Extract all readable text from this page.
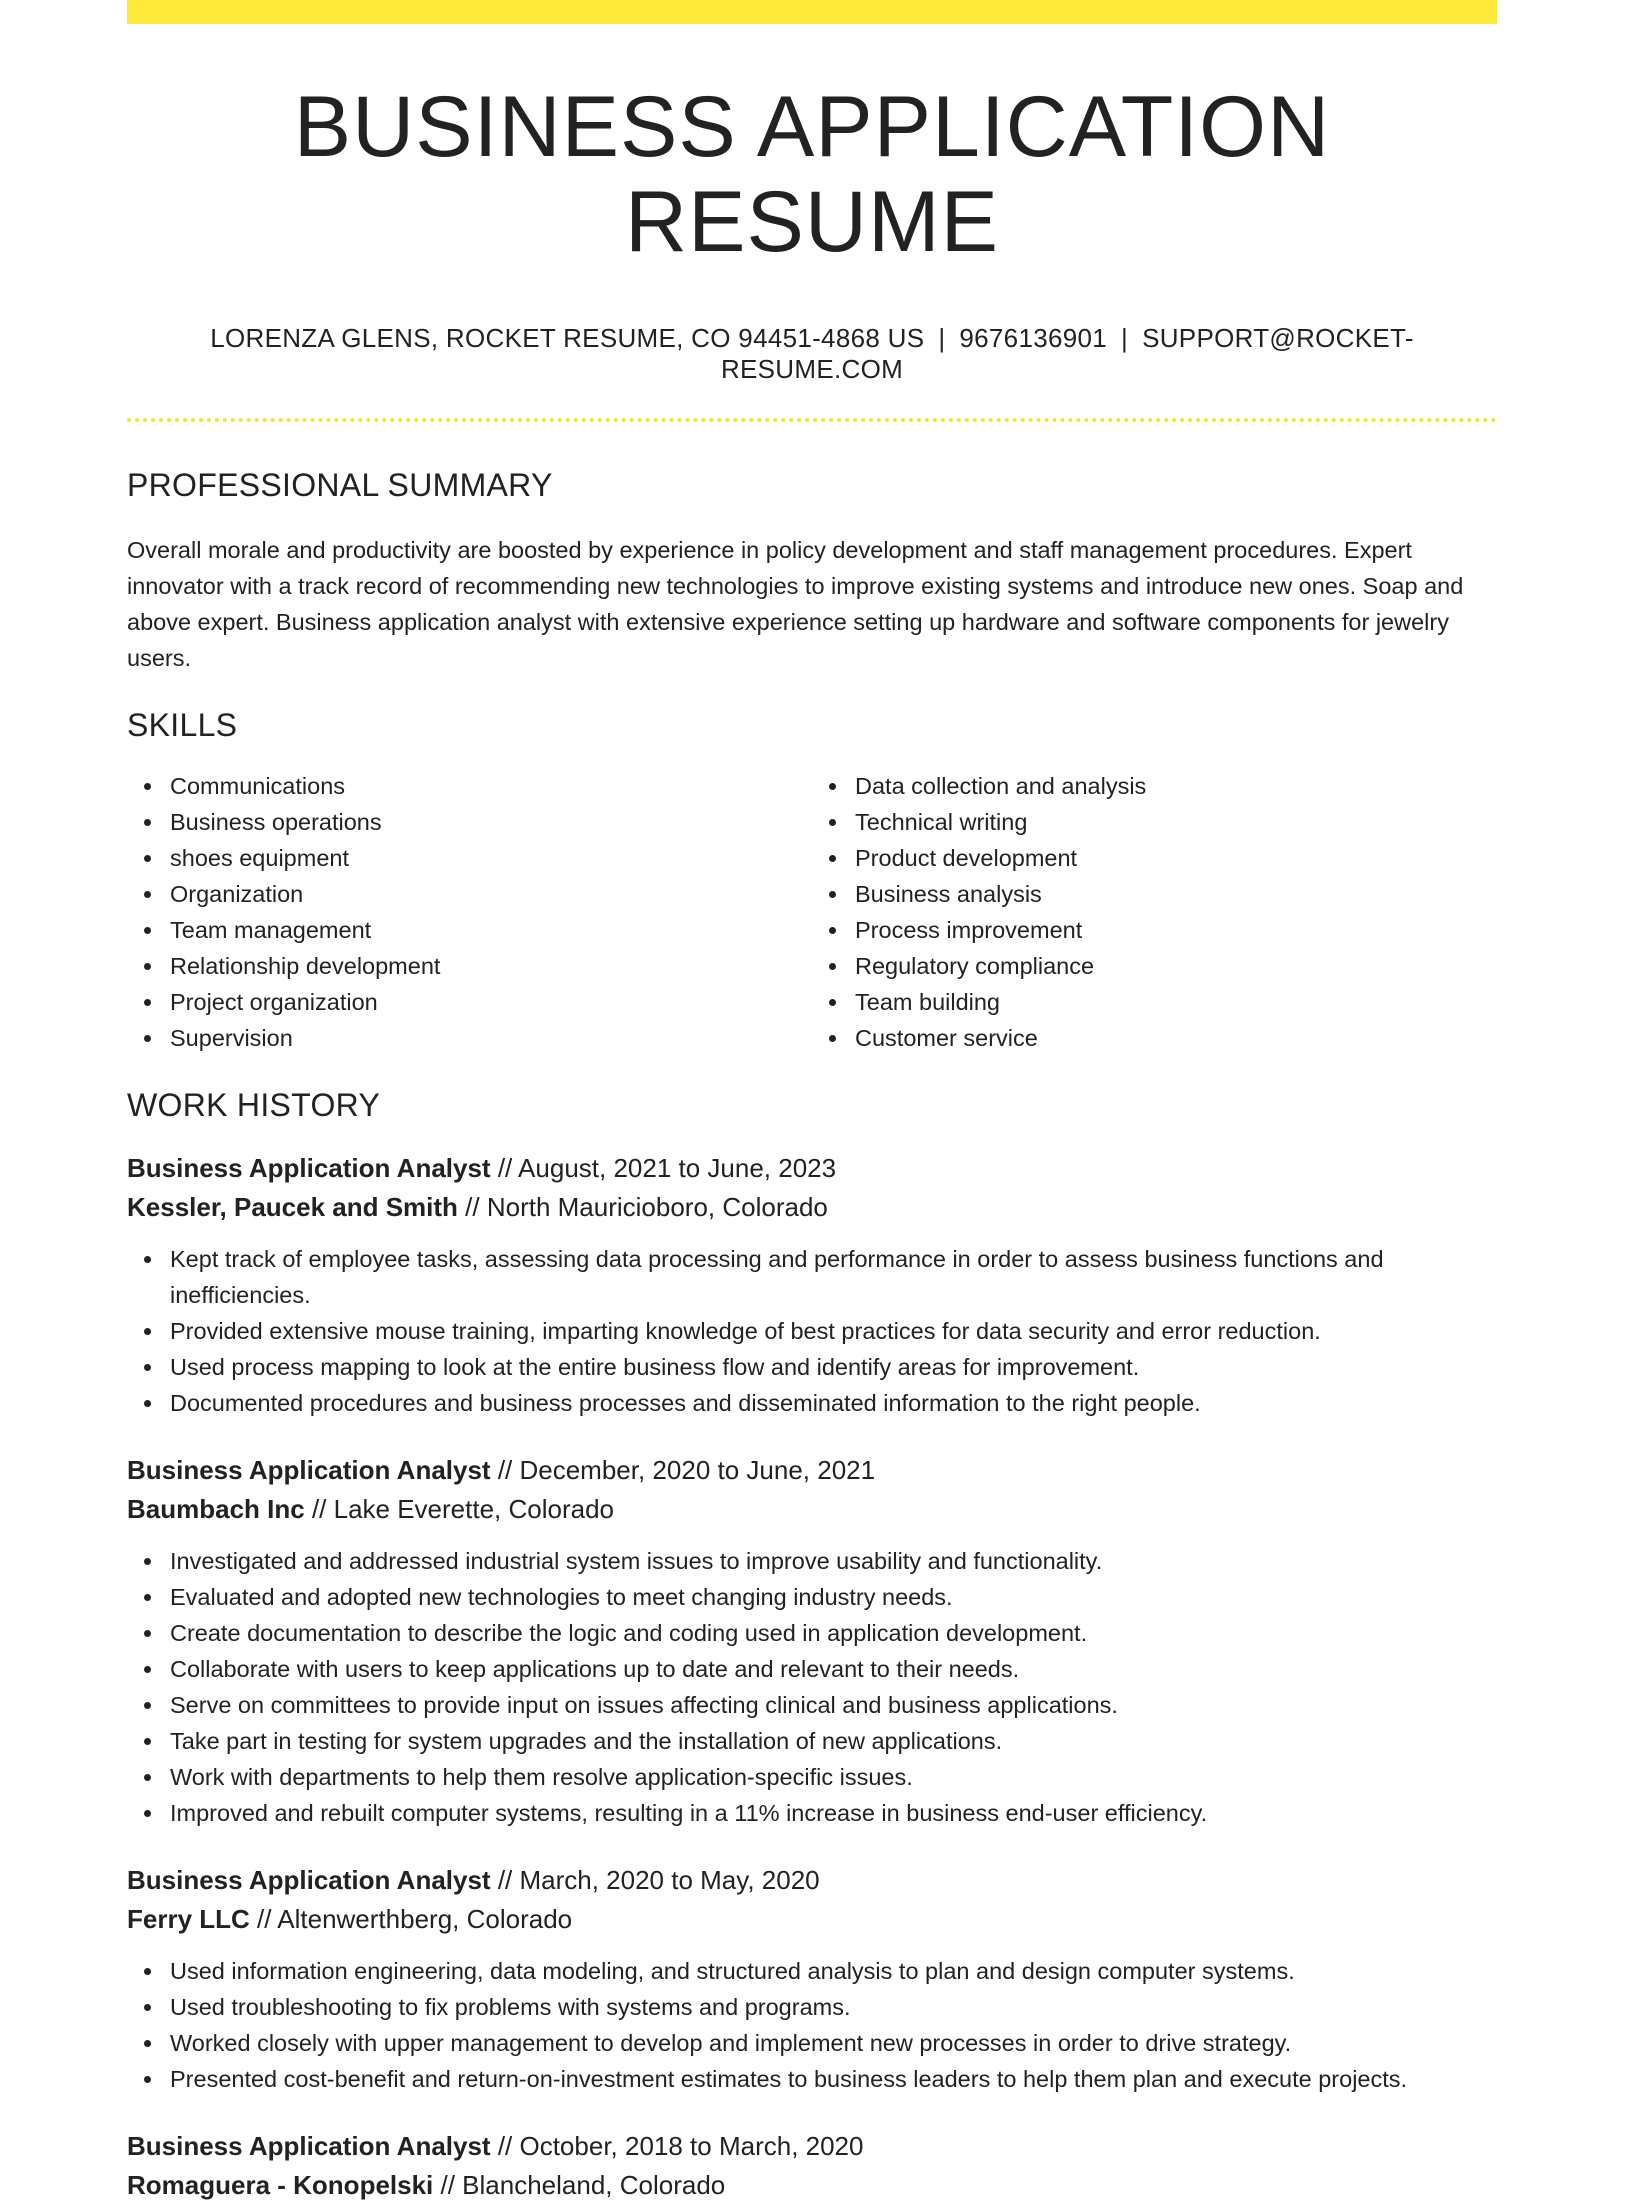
BUSINESS APPLICATION RESUME
LORENZA GLENS, ROCKET RESUME, CO 94451-4868 US | 9676136901 | SUPPORT@ROCKET-RESUME.COM
PROFESSIONAL SUMMARY

Overall morale and productivity are boosted by experience in policy development and staff management procedures. Expert innovator with a track record of recommending new technologies to improve existing systems and introduce new ones. Soap and above expert. Business application analyst with extensive experience setting up hardware and software components for jewelry users.

SKILLS
Communications
Business operations
shoes equipment
Organization
Team management
Relationship development
Project organization
Supervision
Data collection and analysis
Technical writing
Product development
Business analysis
Process improvement
Regulatory compliance
Team building
Customer service
WORK HISTORY
Business Application Analyst // August, 2021 to June, 2023
Kessler, Paucek and Smith // North Mauricioboro, Colorado
Kept track of employee tasks, assessing data processing and performance in order to assess business functions and inefficiencies.
Provided extensive mouse training, imparting knowledge of best practices for data security and error reduction.
Used process mapping to look at the entire business flow and identify areas for improvement.
Documented procedures and business processes and disseminated information to the right people.
Business Application Analyst // December, 2020 to June, 2021
Baumbach Inc // Lake Everette, Colorado
Investigated and addressed industrial system issues to improve usability and functionality.
Evaluated and adopted new technologies to meet changing industry needs.
Create documentation to describe the logic and coding used in application development.
Collaborate with users to keep applications up to date and relevant to their needs.
Serve on committees to provide input on issues affecting clinical and business applications.
Take part in testing for system upgrades and the installation of new applications.
Work with departments to help them resolve application-specific issues.
Improved and rebuilt computer systems, resulting in a 11% increase in business end-user efficiency.
Business Application Analyst // March, 2020 to May, 2020
Ferry LLC // Altenwerthberg, Colorado
Used information engineering, data modeling, and structured analysis to plan and design computer systems.
Used troubleshooting to fix problems with systems and programs.
Worked closely with upper management to develop and implement new processes in order to drive strategy.
Presented cost-benefit and return-on-investment estimates to business leaders to help them plan and execute projects.
Business Application Analyst // October, 2018 to March, 2020
Romaguera - Konopelski // Blancheland, Colorado
